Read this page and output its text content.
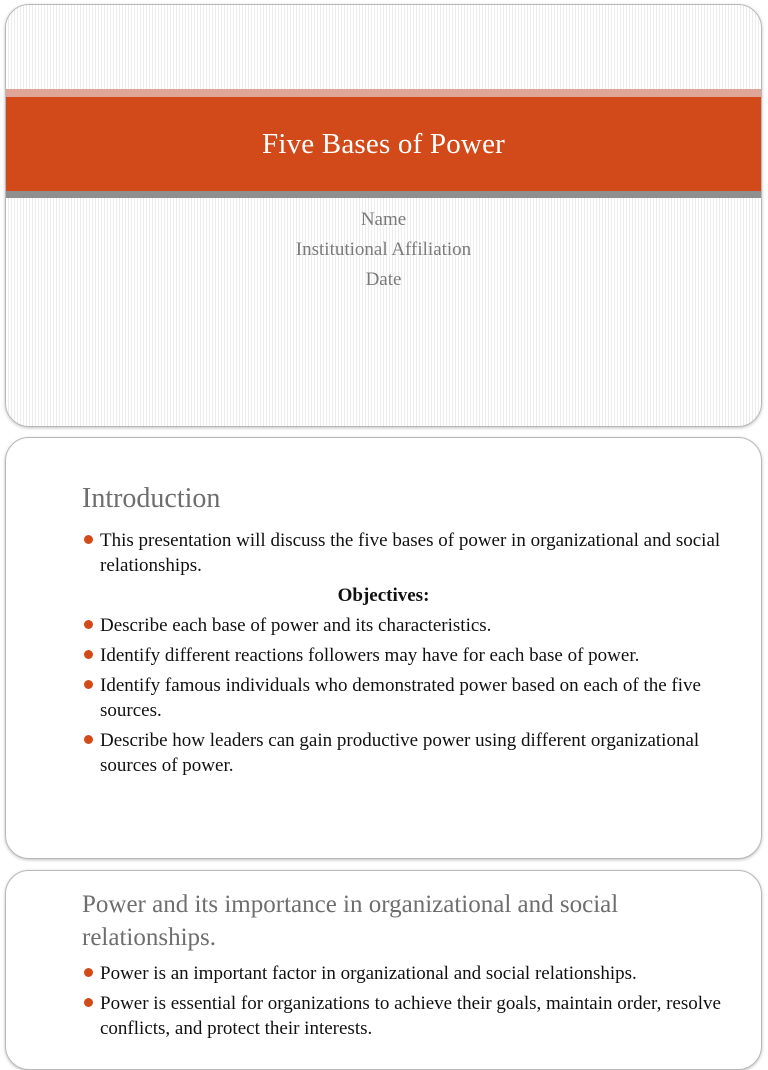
Five Bases of Power
Name
Institutional Affiliation
Date
Introduction
This presentation will discuss the five bases of power in organizational and social relationships.
Objectives:
Describe each base of power and its characteristics.
Identify different reactions followers may have for each base of power.
Identify famous individuals who demonstrated power based on each of the five sources.
Describe how leaders can gain productive power using different organizational sources of power.
Power and its importance in organizational and social relationships.
Power is an important factor in organizational and social relationships.
Power is essential for organizations to achieve their goals, maintain order, resolve conflicts, and protect their interests.
